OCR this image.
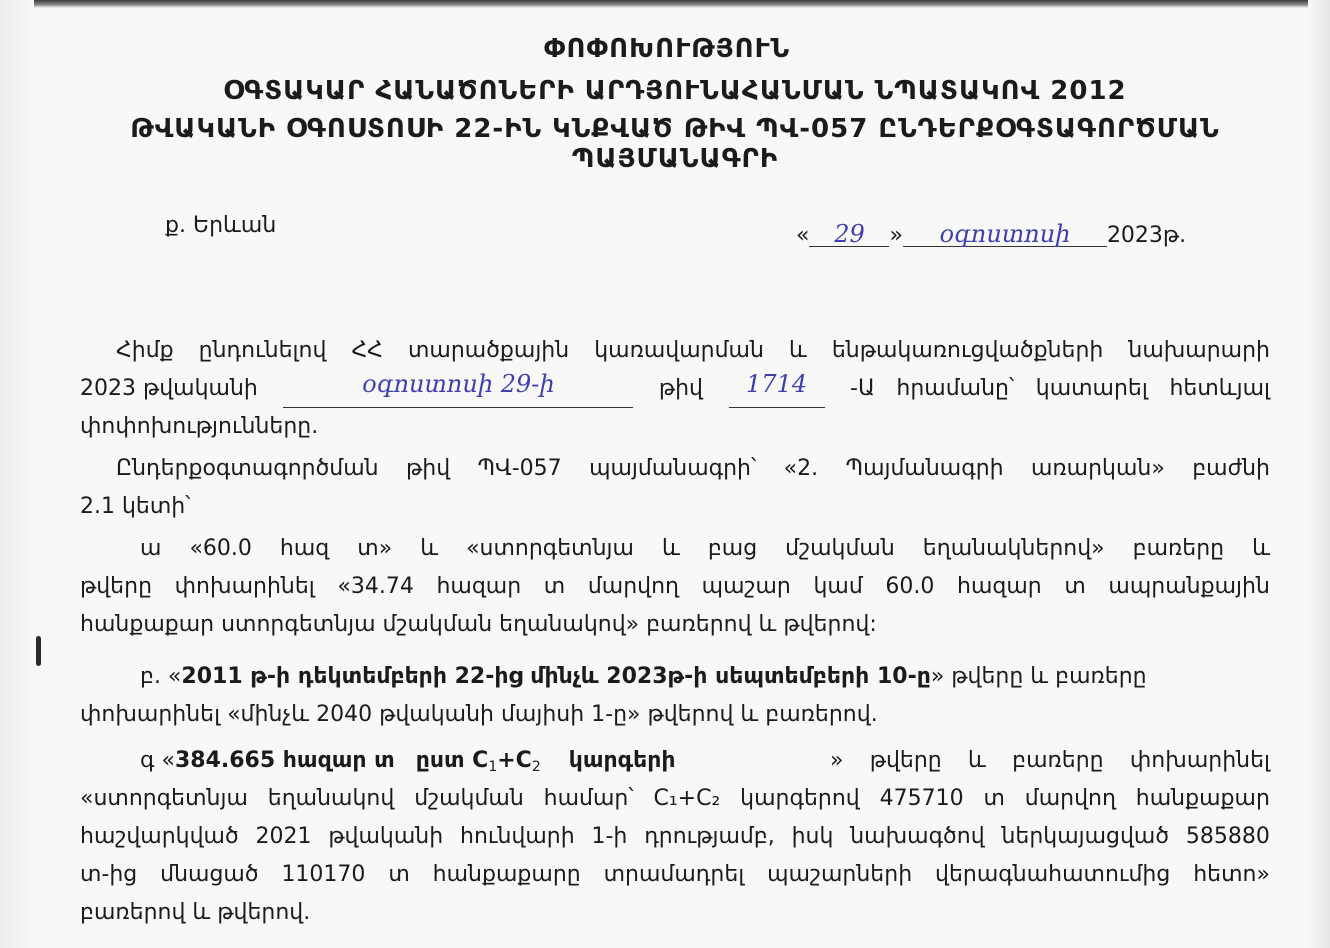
ՓՈՓՈԽՈՒԹՅՈՒՆ
ՕԳՏԱԿԱՐ ՀԱՆԱԾՈՆԵՐԻ ԱՐԴՅՈՒՆԱՀԱՆՄԱՆ ՆՊԱՏԱԿՈՎ 2012
ԹՎԱԿԱՆԻ ՕԳՈՍՏՈՍԻ 22-ԻՆ ԿՆՔՎԱԾ ԹԻՎ ՊՎ-057 ԸՆԴԵՐՔՕԳՏԱԳՈՐԾՄԱՆ
ՊԱՅՄԱՆԱԳՐԻ
ք. Երևան	«	29	»	օգոստոսի	2023թ.
Հիմք ընդունելով ՀՀ տարածքային կառավարման և ենթակառուցվածքների նախարարի
2023 թվականի	օգոստոսի 29-ի	թիվ	1714	-Ա հրամանը՝ կատարել հետևյալ
փոփոխությունները.
Ընդերքօգտագործման թիվ ՊՎ-057 պայմանագրի՝ «2. Պայմանագրի առարկան» բաժնի
2.1 կետի՝
ա «60.0 հազ տ» և «ստորգետնյա և բաց մշակման եղանակներով» բառերը և
թվերը փոխարինել «34.74 հազար տ մարվող պաշար կամ 60.0 հազար տ ապրանքային
հանքաքար ստորգետնյա մշակման եղանակով» բառերով և թվերով:
բ. «2011 թ-ի դեկտեմբերի 22-ից մինչև 2023թ-ի սեպտեմբերի 10-ը» թվերը և բառերը
փոխարինել «մինչև 2040 թվականի մայիսի 1-ը» թվերով և բառերով.
գ «384.665 հազար տ ըստ $C_1+C_2$ կարգերի	» թվերը և բառերը փոխարինել
«ստորգետնյա եղանակով մշակման համար՝ C₁+C₂ կարգերով 475710 տ մարվող հանքաքար
հաշվարկված 2021 թվականի հունվարի 1-ի դրությամբ, իսկ նախագծով ներկայացված 585880
տ-ից մնացած 110170 տ հանքաքարը տրամադրել պաշարների վերագնահատումից հետո»
բառերով և թվերով.
